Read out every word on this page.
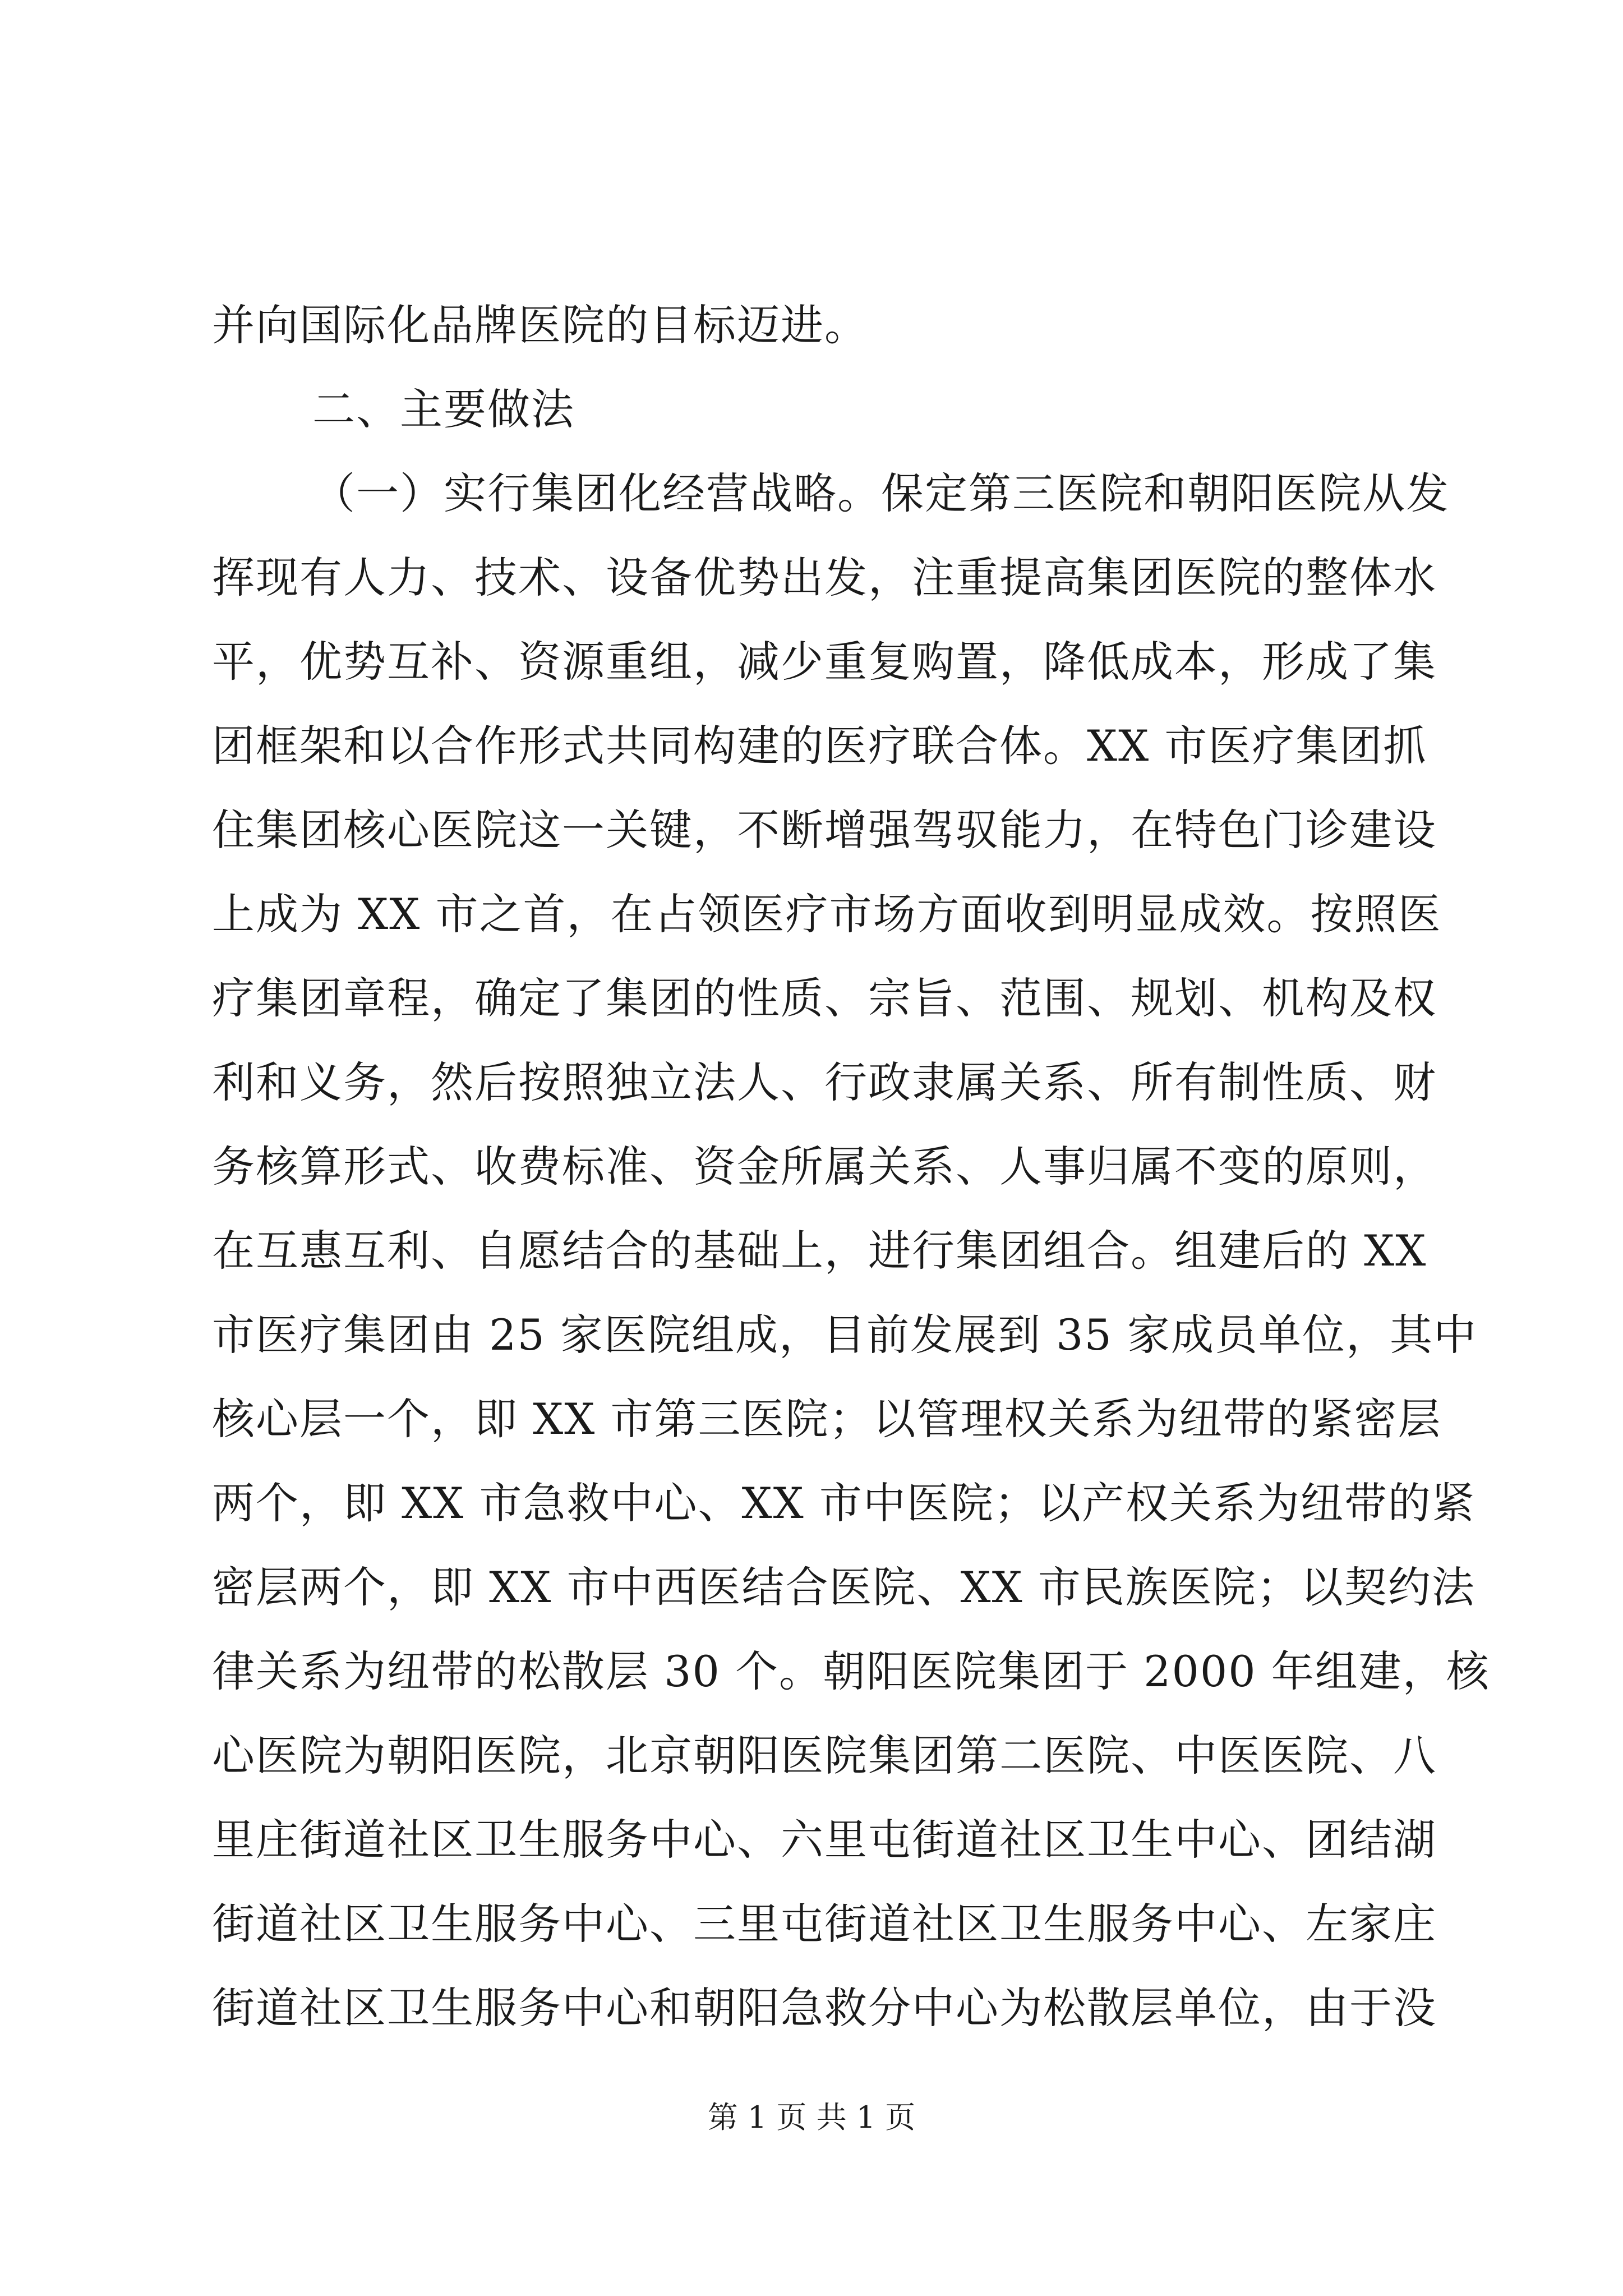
并向国际化品牌医院的目标迈进。
二、主要做法
（一）实行集团化经营战略。保定第三医院和朝阳医院从发
挥现有人力、技术、设备优势出发，注重提高集团医院的整体水
平，优势互补、资源重组，减少重复购置，降低成本，形成了集
团框架和以合作形式共同构建的医疗联合体。XX 市医疗集团抓
住集团核心医院这一关键，不断增强驾驭能力，在特色门诊建设
上成为 XX 市之首，在占领医疗市场方面收到明显成效。按照医
疗集团章程，确定了集团的性质、宗旨、范围、规划、机构及权
利和义务，然后按照独立法人、行政隶属关系、所有制性质、财
务核算形式、收费标准、资金所属关系、人事归属不变的原则，
在互惠互利、自愿结合的基础上，进行集团组合。组建后的 XX
市医疗集团由 25 家医院组成，目前发展到 35 家成员单位，其中
核心层一个，即 XX 市第三医院；以管理权关系为纽带的紧密层
两个，即 XX 市急救中心、XX 市中医院；以产权关系为纽带的紧
密层两个，即 XX 市中西医结合医院、XX 市民族医院；以契约法
律关系为纽带的松散层 30 个。朝阳医院集团于 2000 年组建，核
心医院为朝阳医院，北京朝阳医院集团第二医院、中医医院、八
里庄街道社区卫生服务中心、六里屯街道社区卫生中心、团结湖
街道社区卫生服务中心、三里屯街道社区卫生服务中心、左家庄
街道社区卫生服务中心和朝阳急救分中心为松散层单位，由于没
第 1 页 共 1 页
